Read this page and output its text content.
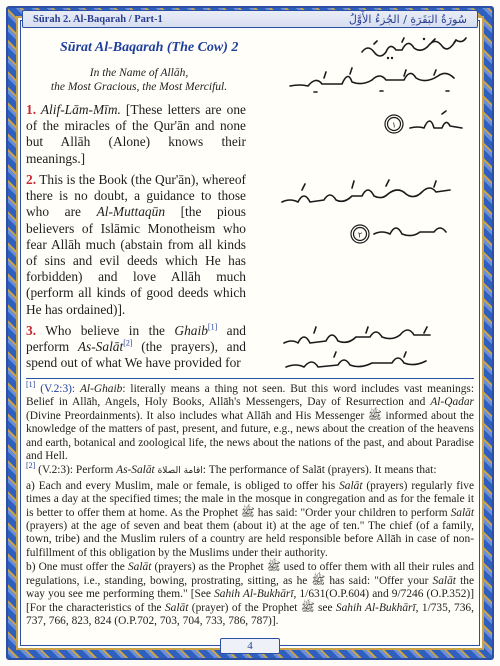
Sūrah 2. Al-Baqarah / Part-1	سُورَةُ البَقَرَةِ / الجُزءُ الأَوَّلُ
Sūrat Al-Baqarah (The Cow) 2
In the Name of Allāh,
the Most Gracious, the Most Merciful.

1. Alif-Lām-Mīm. [These letters are one of the miracles of the Qur'ān and none but Allāh (Alone) knows their meanings.]

١

2. This is the Book (the Qur'ān), whereof there is no doubt, a guidance to those who are Al-Muttaqūn [the pious believers of Islāmic Monotheism who fear Allāh much (abstain from all kinds of sins and evil deeds which He has forbidden) and love Allāh much (perform all kinds of good deeds which He has ordained)].

٢

3. Who believe in the Ghaib[1] and perform As-Salāt[2] (the prayers), and spend out of what We have provided for

[1] (V.2:3): Al-Ghaib: literally means a thing not seen. But this word includes vast meanings: Belief in Allāh, Angels, Holy Books, Allāh's Messengers, Day of Resurrection and Al-Qadar (Divine Preordainments). It also includes what Allāh and His Messenger ﷺ informed about the knowledge of the matters of past, present, and future, e.g., news about the creation of the heavens and earth, botanical and zoological life, the news about the nations of the past, and about Paradise and Hell.

[2] (V.2:3): Perform As-Salāt اقامة الصلاة: The performance of Salāt (prayers). It means that:

a) Each and every Muslim, male or female, is obliged to offer his Salāt (prayers) regularly five times a day at the specified times; the male in the mosque in congregation and as for the female it is better to offer them at home. As the Prophet ﷺ has said: "Order your children to perform Salāt (prayers) at the age of seven and beat them (about it) at the age of ten." The chief (of a family, town, tribe) and the Muslim rulers of a country are held responsible before Allāh in case of non-fulfillment of this obligation by the Muslims under their authority.

b) One must offer the Salāt (prayers) as the Prophet ﷺ used to offer them with all their rules and regulations, i.e., standing, bowing, prostrating, sitting, as he ﷺ has said: "Offer your Salāt the way you see me performing them." [See Sahih Al-Bukhārī, 1/631(O.P.604) and 9/7246 (O.P.352)] [For the characteristics of the Salāt (prayer) of the Prophet ﷺ see Sahih Al-Bukhārī, 1/735, 736, 737, 766, 823, 824 (O.P.702, 703, 704, 733, 786, 787)].

4
